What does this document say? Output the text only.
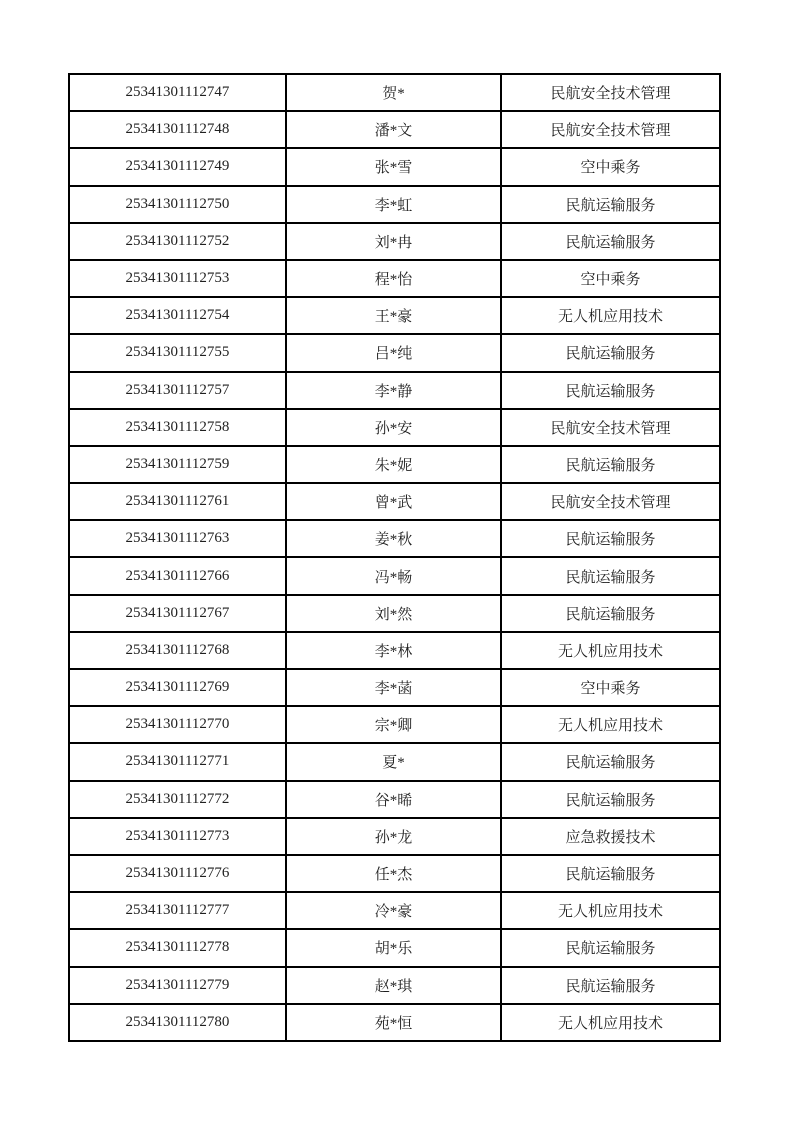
25341301112747	贺*	民航安全技术管理
25341301112748	潘*文	民航安全技术管理
25341301112749	张*雪	空中乘务
25341301112750	李*虹	民航运输服务
25341301112752	刘*冉	民航运输服务
25341301112753	程*怡	空中乘务
25341301112754	王*豪	无人机应用技术
25341301112755	吕*纯	民航运输服务
25341301112757	李*静	民航运输服务
25341301112758	孙*安	民航安全技术管理
25341301112759	朱*妮	民航运输服务
25341301112761	曾*武	民航安全技术管理
25341301112763	姜*秋	民航运输服务
25341301112766	冯*畅	民航运输服务
25341301112767	刘*然	民航运输服务
25341301112768	李*林	无人机应用技术
25341301112769	李*菡	空中乘务
25341301112770	宗*卿	无人机应用技术
25341301112771	夏*	民航运输服务
25341301112772	谷*晞	民航运输服务
25341301112773	孙*龙	应急救援技术
25341301112776	任*杰	民航运输服务
25341301112777	冷*豪	无人机应用技术
25341301112778	胡*乐	民航运输服务
25341301112779	赵*琪	民航运输服务
25341301112780	苑*恒	无人机应用技术
